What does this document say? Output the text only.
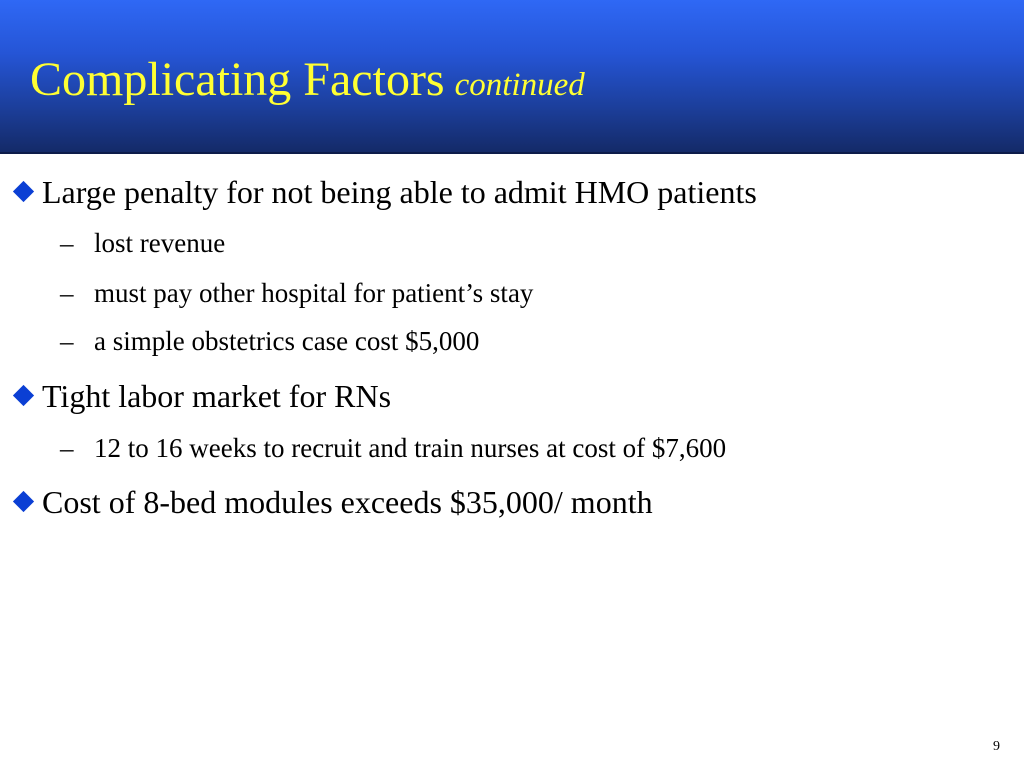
Complicating Factors continued
Large penalty for not being able to admit HMO patients
– lost revenue
– must pay other hospital for patient’s stay
– a simple obstetrics case cost $5,000
Tight labor market for RNs
– 12 to 16 weeks to recruit and train nurses at cost of $7,600
Cost of 8-bed modules exceeds $35,000/ month
9
